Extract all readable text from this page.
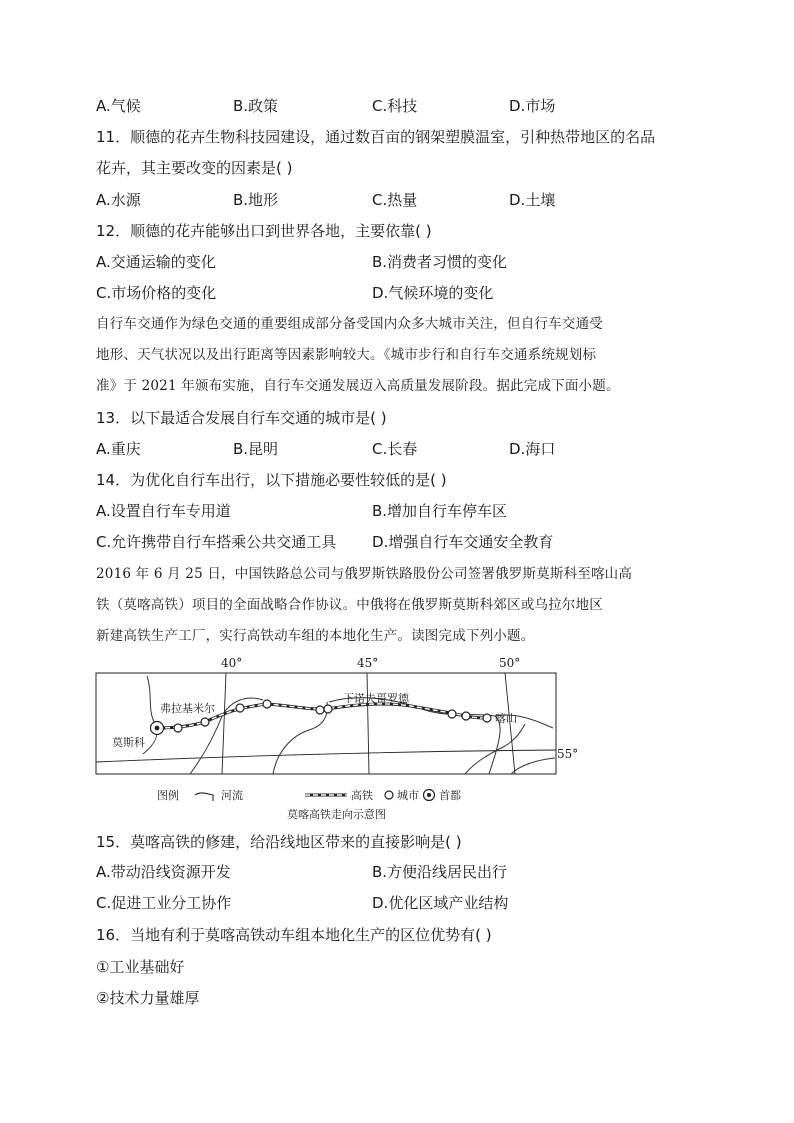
A.气候	B.政策	C.科技	D.市场
11．顺德的花卉生物科技园建设，通过数百亩的钢架塑膜温室，引种热带地区的名品
花卉，其主要改变的因素是( )
A.水源	B.地形	C.热量	D.土壤
12．顺德的花卉能够出口到世界各地，主要依靠( )
A.交通运输的变化	B.消费者习惯的变化
C.市场价格的变化	D.气候环境的变化
自行车交通作为绿色交通的重要组成部分备受国内众多大城市关注，但自行车交通受
地形、天气状况以及出行距离等因素影响较大。《城市步行和自行车交通系统规划标
准》于 2021 年颁布实施，自行车交通发展迈入高质量发展阶段。据此完成下面小题。
13．以下最适合发展自行车交通的城市是( )
A.重庆	B.昆明	C.长春	D.海口
14．为优化自行车出行，以下措施必要性较低的是( )
A.设置自行车专用道	B.增加自行车停车区
C.允许携带自行车搭乘公共交通工具 D.增强自行车交通安全教育
2016 年 6 月 25 日，中国铁路总公司与俄罗斯铁路股份公司签署俄罗斯莫斯科至喀山高
铁（莫喀高铁）项目的全面战略合作协议。中俄将在俄罗斯莫斯科郊区或乌拉尔地区
新建高铁生产工厂，实行高铁动车组的本地化生产。读图完成下列小题。
40°	45°	50°
55°
莫斯科
弗拉基米尔
下诺夫哥罗德
喀山
图例	河流	高铁 城市 首都
莫喀高铁走向示意图
15．莫喀高铁的修建，给沿线地区带来的直接影响是( )
A.带动沿线资源开发	B.方便沿线居民出行
C.促进工业分工协作	D.优化区域产业结构
16．当地有利于莫喀高铁动车组本地化生产的区位优势有( )
①工业基础好
②技术力量雄厚
